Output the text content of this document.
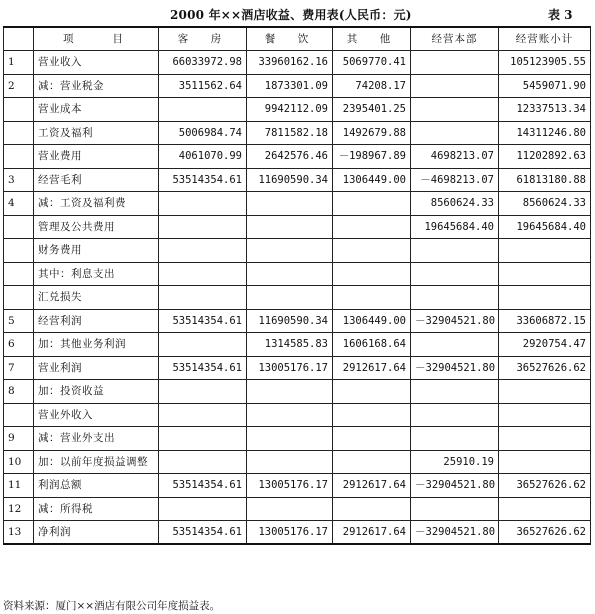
2000 年××酒店收益、费用表(人民币：元)	表 3
	项　　目	客　房	餐　饮	其　他	经营本部	经营账小计
1	营业收入	66033972.98	33960162.16	5069770.41		105123905.55
2	减：营业税金	3511562.64	1873301.09	74208.17		5459071.90
	营业成本		9942112.09	2395401.25		12337513.34
	工资及福利	5006984.74	7811582.18	1492679.88		14311246.80
	营业费用	4061070.99	2642576.46	－198967.89	4698213.07	11202892.63
3	经营毛利	53514354.61	11690590.34	1306449.00	－4698213.07	61813180.88
4	减：工资及福利费				8560624.33	8560624.33
	管理及公共费用				19645684.40	19645684.40
	财务费用					
	其中：利息支出					
	汇兑损失					
5	经营利润	53514354.61	11690590.34	1306449.00	－32904521.80	33606872.15
6	加：其他业务利润		1314585.83	1606168.64		2920754.47
7	营业利润	53514354.61	13005176.17	2912617.64	－32904521.80	36527626.62
8	加：投资收益					
	营业外收入					
9	减：营业外支出					
10	加：以前年度损益调整				25910.19	
11	利润总额	53514354.61	13005176.17	2912617.64	－32904521.80	36527626.62
12	减：所得税					
13	净利润	53514354.61	13005176.17	2912617.64	－32904521.80	36527626.62
资料来源：厦门××酒店有限公司年度损益表。
